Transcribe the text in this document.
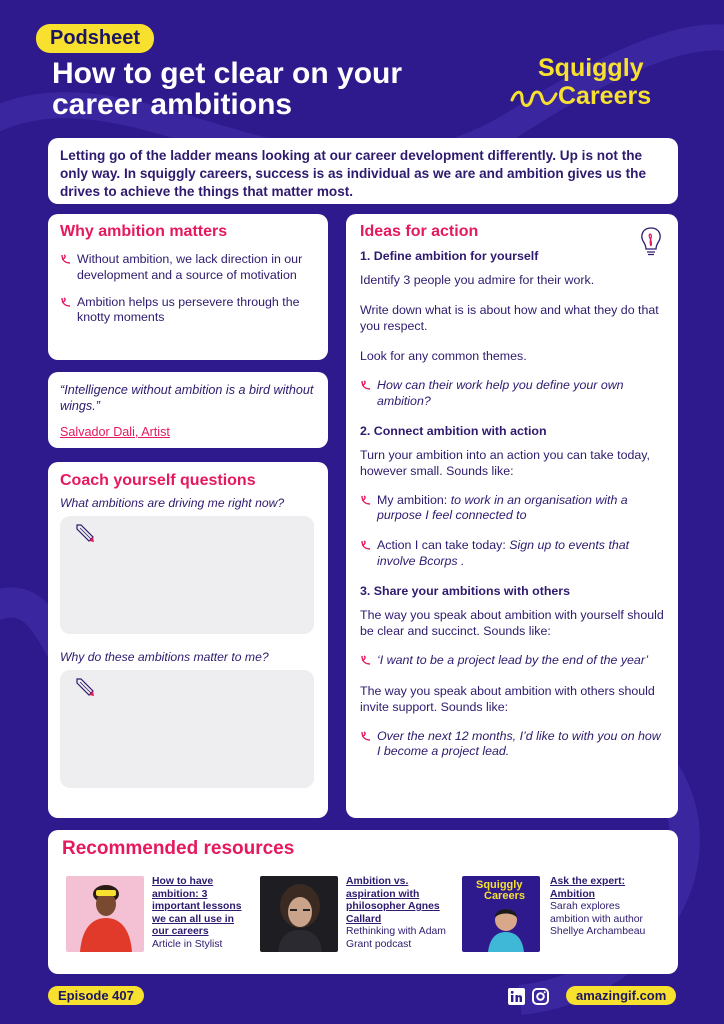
Podsheet
How to get clear on your career ambitions
Squiggly
Careers
Letting go of the ladder means looking at our career development differently. Up is not the only way. In squiggly careers, success is as individual as we are and ambition gives us the drives to achieve the things that matter most.
Why ambition matters
Without ambition, we lack direction in our development and a source of motivation
Ambition helps us persevere through the knotty moments
“Intelligence without ambition is a bird without wings.”
Salvador Dali, Artist
Coach yourself questions
What ambitions are driving me right now?
Why do these ambitions matter to me?
Ideas for action
1. Define ambition for yourself
Identify 3 people you admire for their work.
Write down what is is about how and what they do that you respect.
Look for any common themes.
How can their work help you define your own ambition?
2. Connect ambition with action
Turn your ambition into an action you can take today, however small. Sounds like:
My ambition: to work in an organisation with a purpose I feel connected to
Action I can take today: Sign up to events that involve Bcorps .
3. Share your ambitions with others
The way you speak about ambition with yourself should be clear and succinct. Sounds like:
‘I want to be a project lead by the end of the year’
The way you speak about ambition with others should invite support. Sounds like:
Over the next 12 months, I’d like to with you on how I become a project lead.
Recommended resources
How to have ambition: 3 important lessons we can all use in our careers
Article in Stylist
Ambition vs. aspiration with philosopher Agnes Callard
Rethinking with Adam Grant podcast
Squiggly
Careers
Ask the expert: Ambition
Sarah explores ambition with author Shellye Archambeau
Episode 407	amazingif.com
